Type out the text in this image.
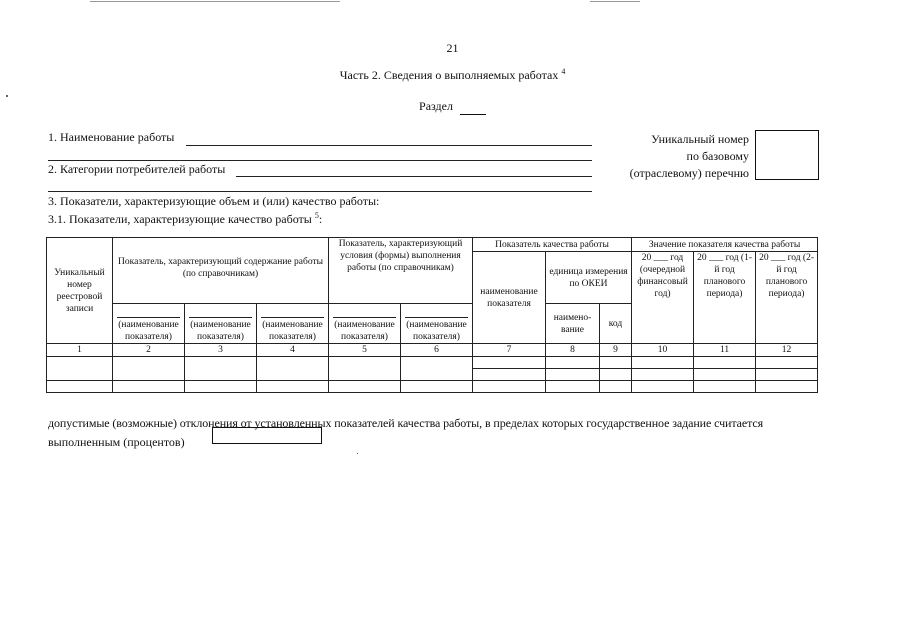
21
Часть 2. Сведения о выполняемых работах $^4$
Раздел
1. Наименование работы
2. Категории потребителей работы
3. Показатели, характеризующие объем и (или) качество работы:
3.1. Показатели, характеризующие качество работы $^5$:
Уникальный номер
по базовому
(отраслевому) перечню
Уникальный номер реестровой записи	Показатель, характеризующий содержание работы (по справочникам)			Показатель, характеризующий условия (формы) выполнения работы (по справочникам)		Показатель качества работы			Значение показателя качества работы		
						наименование показателя	единица измерения по ОКЕИ		20 ___ год (очередной финансовый год)	20 ___ год (1-й год планового периода)	20 ___ год (2-й год планового периода)

	(наименование показателя)	(наименование показателя)	(наименование показателя)	(наименование показателя)	(наименование показателя)		наимено-вание	код			
1	2	3	4	5	6	7	8	9	10	11	12

допустимые (возможные) отклонения от установленных показателей качества работы, в пределах которых государственное задание считается
выполненным (процентов)
